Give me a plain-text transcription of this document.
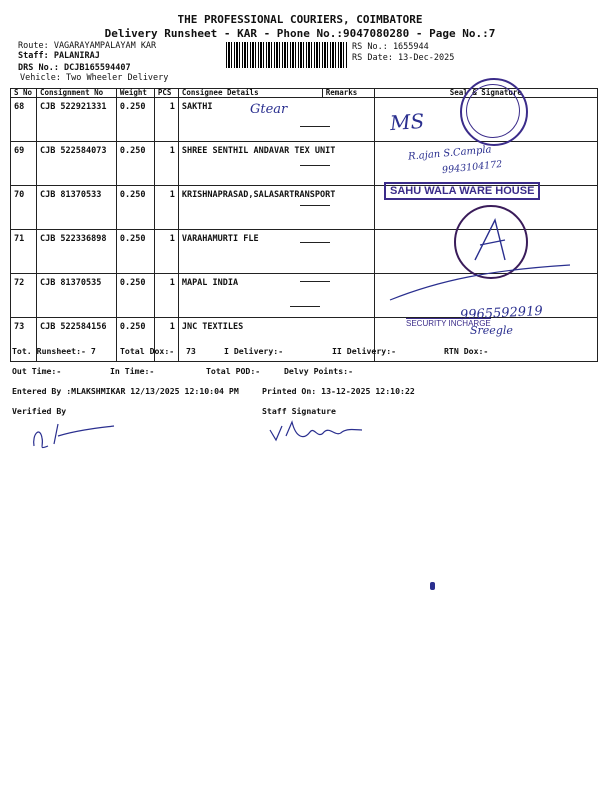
THE PROFESSIONAL COURIERS, COIMBATORE
Delivery Runsheet - KAR - Phone No.:9047080280 - Page No.:7
Route: VAGARAYAMPALAYAM KAR
Staff: PALANIRAJ
DRS No.: DCJB165594407
Vehicle: Two Wheeler Delivery
RS No.: 1655944
RS Date: 13-Dec-2025
S No	Consignment No	Weight	PCS	Consignee Details	Remarks	Seal & Signature
68	CJB 522921331	0.250	1	SAKTHI		
69	CJB 522584073	0.250	1	SHREE SENTHIL ANDAVAR TEX UNIT		
70	CJB 81370533	0.250	1	KRISHNAPRASAD,SALASARTRANSPORT		
71	CJB 522336898	0.250	1	VARAHAMURTI FLE		
72	CJB 81370535	0.250	1	MAPAL INDIA		
73	CJB 522584156	0.250	1	JNC TEXTILES		
Gtear	MS
R.ajan S.Campla
9943104172
9965592919
Sreegle
SAHU WALA WARE HOUSE
SECURITY INCHARGE
Tot. Runsheet:- 7	Total Dox:- 73	I Delivery:-	II Delivery:-	RTN Dox:-
Out Time:-	In Time:-	Total POD:-	Delvy Points:-
Entered By :MLAKSHMIKAR 12/13/2025 12:10:04 PM	Printed On: 13-12-2025 12:10:22
Verified By	Staff Signature
